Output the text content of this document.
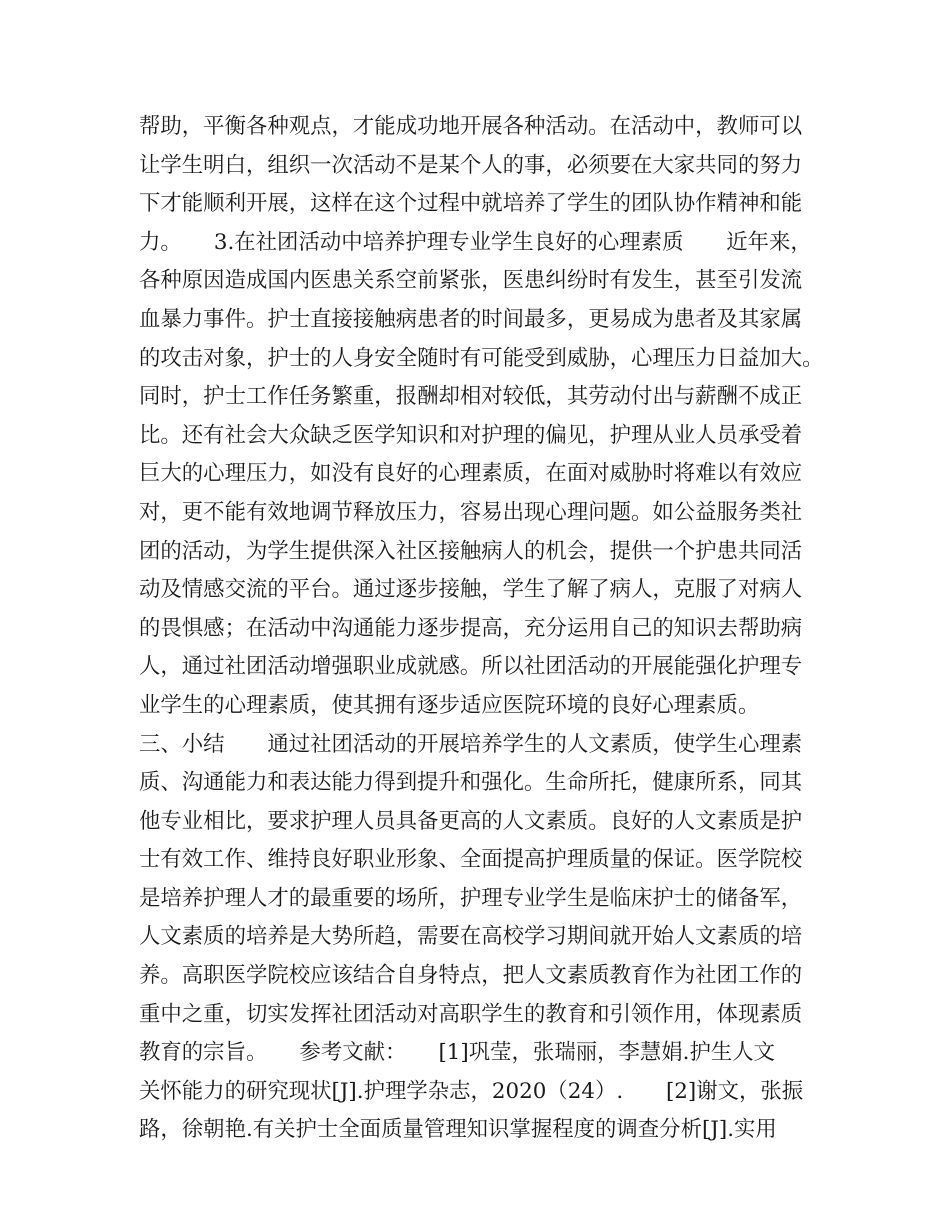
帮助，平衡各种观点，才能成功地开展各种活动。在活动中，教师可以
让学生明白，组织一次活动不是某个人的事，必须要在大家共同的努力
下才能顺利开展，这样在这个过程中就培养了学生的团队协作精神和能
力。　　3.在社团活动中培养护理专业学生良好的心理素质　　近年来，
各种原因造成国内医患关系空前紧张，医患纠纷时有发生，甚至引发流
血暴力事件。护士直接接触病患者的时间最多，更易成为患者及其家属
的攻击对象，护士的人身安全随时有可能受到威胁，心理压力日益加大。
同时，护士工作任务繁重，报酬却相对较低，其劳动付出与薪酬不成正
比。还有社会大众缺乏医学知识和对护理的偏见，护理从业人员承受着
巨大的心理压力，如没有良好的心理素质，在面对威胁时将难以有效应
对，更不能有效地调节释放压力，容易出现心理问题。如公益服务类社
团的活动，为学生提供深入社区接触病人的机会，提供一个护患共同活
动及情感交流的平台。通过逐步接触，学生了解了病人，克服了对病人
的畏惧感；在活动中沟通能力逐步提高，充分运用自己的知识去帮助病
人，通过社团活动增强职业成就感。所以社团活动的开展能强化护理专
业学生的心理素质，使其拥有逐步适应医院环境的良好心理素质。
三、小结　　通过社团活动的开展培养学生的人文素质，使学生心理素
质、沟通能力和表达能力得到提升和强化。生命所托，健康所系，同其
他专业相比，要求护理人员具备更高的人文素质。良好的人文素质是护
士有效工作、维持良好职业形象、全面提高护理质量的保证。医学院校
是培养护理人才的最重要的场所，护理专业学生是临床护士的储备军，
人文素质的培养是大势所趋，需要在高校学习期间就开始人文素质的培
养。高职医学院校应该结合自身特点，把人文素质教育作为社团工作的
重中之重，切实发挥社团活动对高职学生的教育和引领作用，体现素质
教育的宗旨。　　参考文献：　　[1]巩莹，张瑞丽，李慧娟.护生人文
关怀能力的研究现状[J].护理学杂志，2020（24）.　　[2]谢文，张振
路，徐朝艳.有关护士全面质量管理知识掌握程度的调查分析[J].实用
